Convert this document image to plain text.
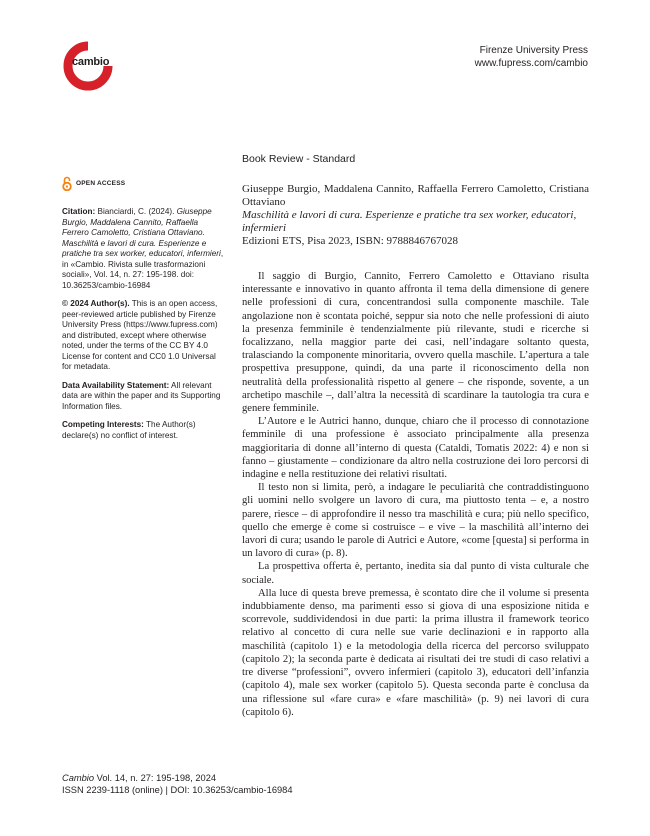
cambio
Firenze University Press
www.fupress.com/cambio
Book Review - Standard
OPEN ACCESS

Citation: Bianciardi, C. (2024). Giuseppe Burgio, Maddalena Cannito, Raffaella Ferrero Camoletto, Cristiana Ottaviano. Maschilità e lavori di cura. Esperienze e pratiche tra sex worker, educatori, infermieri, in «Cambio. Rivista sulle trasformazioni sociali», Vol. 14, n. 27: 195-198. doi: 10.36253/cambio-16984

© 2024 Author(s). This is an open access, peer-reviewed article published by Firenze University Press (https://www.fupress.com) and distributed, except where otherwise noted, under the terms of the CC BY 4.0 License for content and CC0 1.0 Universal for metadata.

Data Availability Statement: All relevant data are within the paper and its Supporting Information files.

Competing Interests: The Author(s) declare(s) no conflict of interest.

Giuseppe Burgio, Maddalena Cannito, Raffaella Ferrero Camoletto, Cristiana Ottaviano

Maschilità e lavori di cura. Esperienze e pratiche tra sex worker, educatori, infermieri

Edizioni ETS, Pisa 2023, ISBN: 9788846767028

Il saggio di Burgio, Cannito, Ferrero Camoletto e Ottaviano risulta interessante e innovativo in quanto affronta il tema della dimensione di genere nelle professioni di cura, concentrandosi sulla componente maschile. Tale angolazione non è scontata poiché, seppur sia noto che nelle professioni di aiuto la presenza femminile è tendenzialmente più rilevante, studi e ricerche si focalizzano, nella maggior parte dei casi, nell’indagare soltanto questa, tralasciando la componente minoritaria, ovvero quella maschile. L’apertura a tale prospettiva presuppone, quindi, da una parte il riconoscimento della non neutralità della professionalità rispetto al genere – che risponde, sovente, a un archetipo maschile –, dall’altra la necessità di scardinare la tautologia tra cura e genere femminile.

L’Autore e le Autrici hanno, dunque, chiaro che il processo di connotazione femminile di una professione è associato principalmente alla presenza maggioritaria di donne all’interno di questa (Cataldi, Tomatis 2022: 4) e non si fanno – giustamente – condizionare da altro nella costruzione dei loro percorsi di indagine e nella restituzione dei relativi risultati.

Il testo non si limita, però, a indagare le peculiarità che contraddistinguono gli uomini nello svolgere un lavoro di cura, ma piuttosto tenta – e, a nostro parere, riesce – di approfondire il nesso tra maschilità e cura; più nello specifico, quello che emerge è come si costruisce – e vive – la maschilità all’interno dei lavori di cura; usando le parole di Autrici e Autore, «come [questa] si performa in un lavoro di cura» (p. 8).

La prospettiva offerta è, pertanto, inedita sia dal punto di vista culturale che sociale.

Alla luce di questa breve premessa, è scontato dire che il volume si presenta indubbiamente denso, ma parimenti esso si giova di una esposizione nitida e scorrevole, suddividendosi in due parti: la prima illustra il framework teorico relativo al concetto di cura nelle sue varie declinazioni e in rapporto alla maschilità (capitolo 1) e la metodologia della ricerca del percorso sviluppato (capitolo 2); la seconda parte è dedicata ai risultati dei tre studi di caso relativi a tre diverse “professioni”, ovvero infermieri (capitolo 3), educatori dell’infanzia (capitolo 4), male sex worker (capitolo 5). Questa seconda parte è conclusa da una riflessione sul «fare cura» e «fare maschilità» (p. 9) nei lavori di cura (capitolo 6).

Cambio Vol. 14, n. 27: 195-198, 2024
ISSN 2239-1118 (online) | DOI: 10.36253/cambio-16984
